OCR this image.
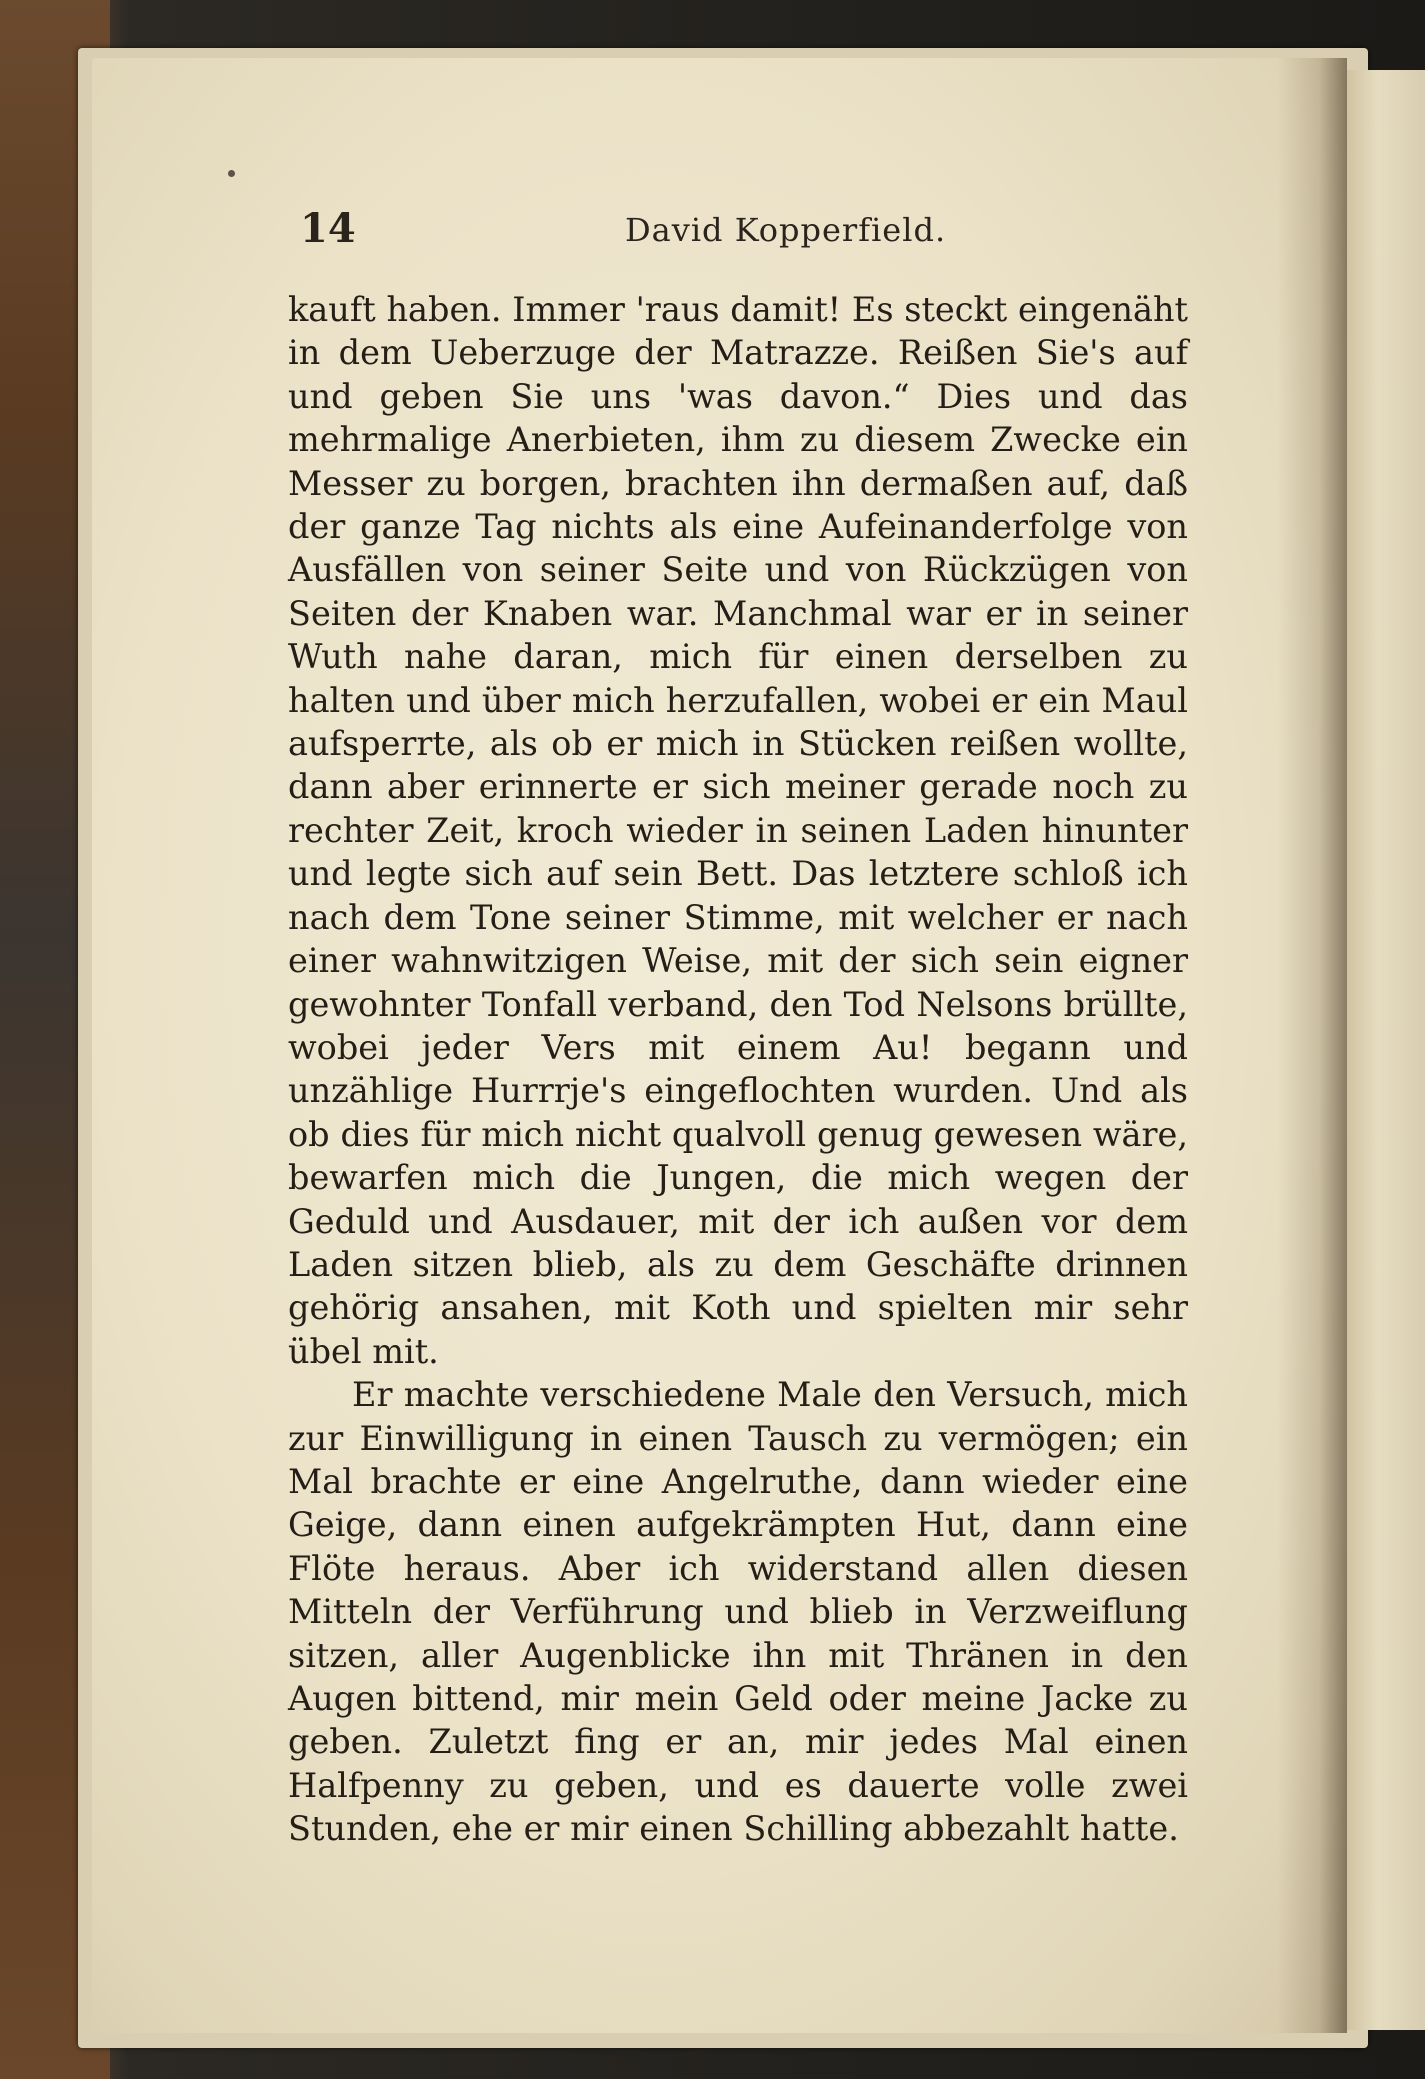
14	David Kopperfield.

kauft haben. Immer 'raus damit! Es steckt eingenäht in dem Ueberzuge der Matrazze. Reißen Sie's auf und geben Sie uns 'was davon.“ Dies und das mehrmalige Anerbieten, ihm zu diesem Zwecke ein Messer zu borgen, brachten ihn dermaßen auf, daß der ganze Tag nichts als eine Aufeinanderfolge von Ausfällen von seiner Seite und von Rückzügen von Seiten der Knaben war. Manchmal war er in seiner Wuth nahe daran, mich für einen derselben zu halten und über mich herzufallen, wobei er ein Maul aufsperrte, als ob er mich in Stücken reißen wollte, dann aber erinnerte er sich meiner gerade noch zu rechter Zeit, kroch wieder in seinen Laden hinunter und legte sich auf sein Bett. Das letztere schloß ich nach dem Tone seiner Stimme, mit welcher er nach einer wahnwitzigen Weise, mit der sich sein eigner gewohnter Tonfall verband, den Tod Nelsons brüllte, wobei jeder Vers mit einem Au! begann und unzählige Hurrrje's eingeflochten wurden. Und als ob dies für mich nicht qualvoll genug gewesen wäre, bewarfen mich die Jungen, die mich wegen der Geduld und Ausdauer, mit der ich außen vor dem Laden sitzen blieb, als zu dem Geschäfte drinnen gehörig ansahen, mit Koth und spielten mir sehr übel mit.

Er machte verschiedene Male den Versuch, mich zur Einwilligung in einen Tausch zu vermögen; ein Mal brachte er eine Angelruthe, dann wieder eine Geige, dann einen aufgekrämpten Hut, dann eine Flöte heraus. Aber ich widerstand allen diesen Mitteln der Verführung und blieb in Verzweiflung sitzen, aller Augenblicke ihn mit Thränen in den Augen bittend, mir mein Geld oder meine Jacke zu geben. Zuletzt fing er an, mir jedes Mal einen Halfpenny zu geben, und es dauerte volle zwei Stunden, ehe er mir einen Schilling abbezahlt hatte.
